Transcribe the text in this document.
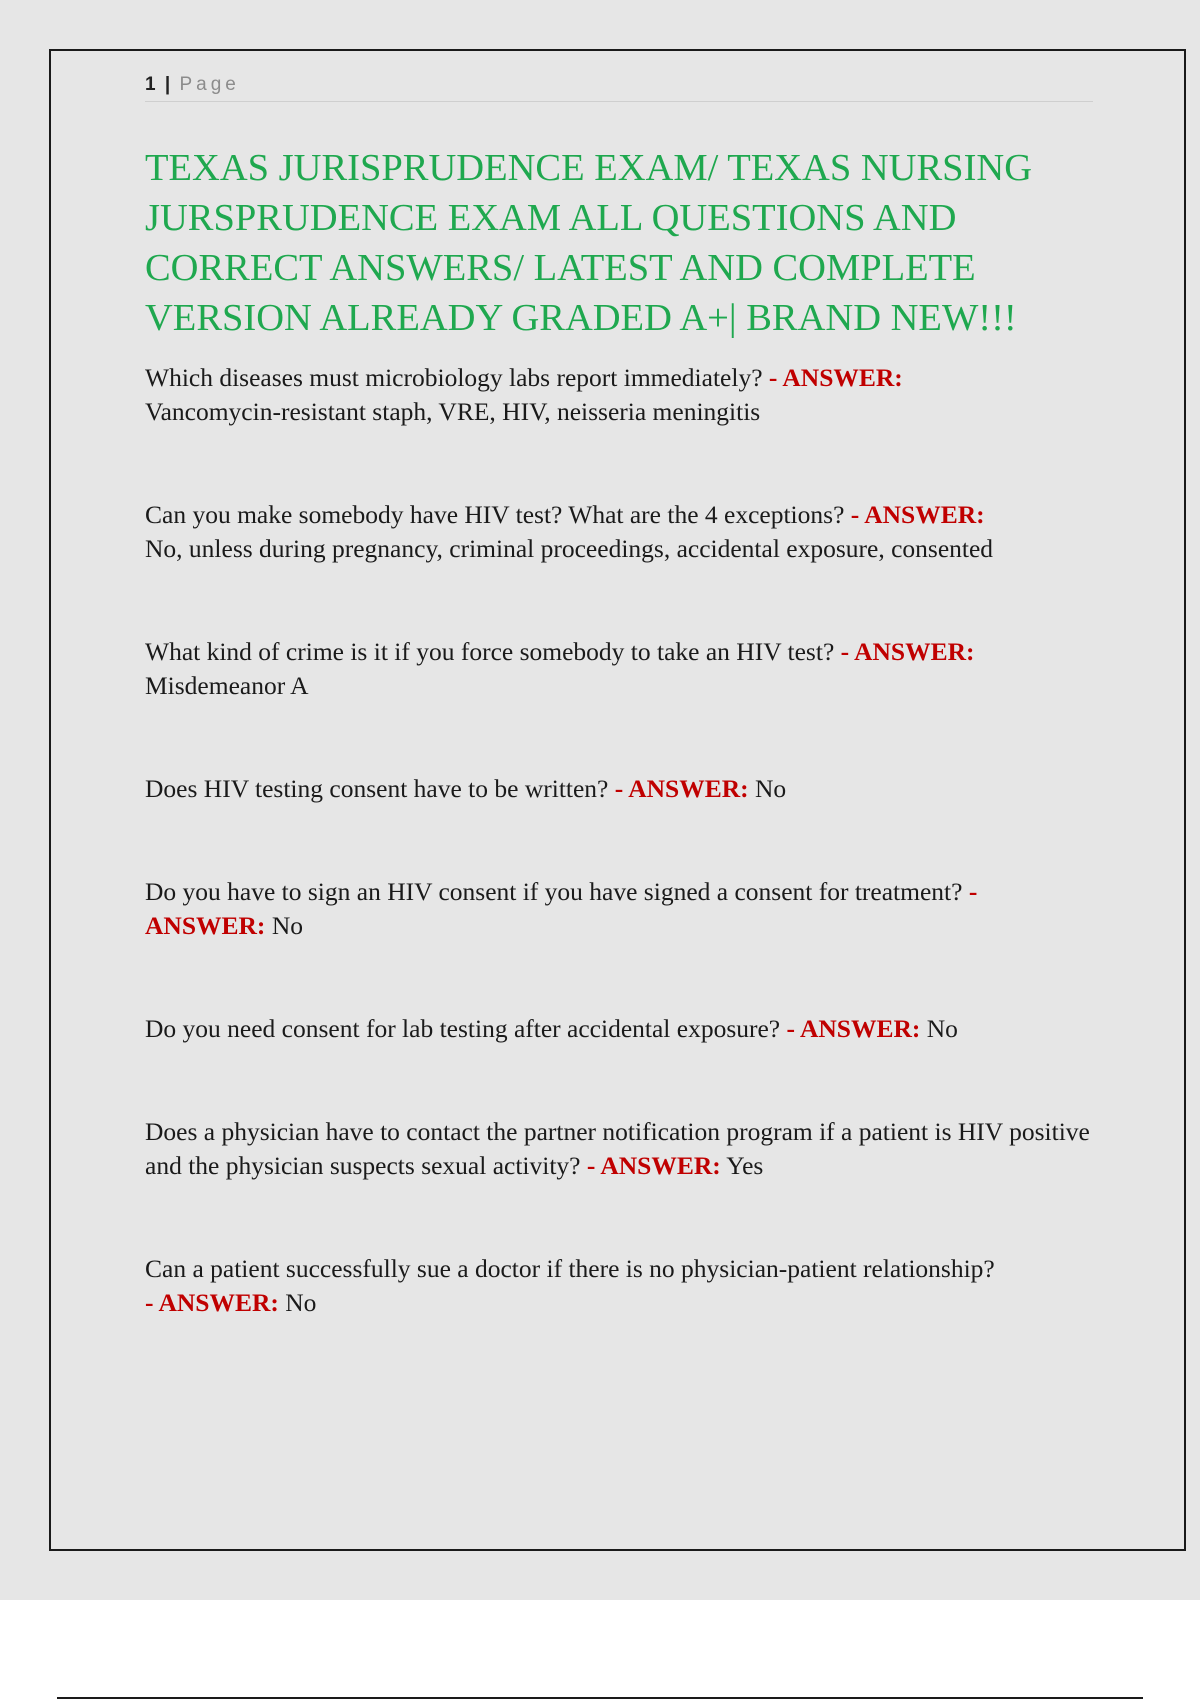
1 | Page
TEXAS JURISPRUDENCE EXAM/ TEXAS NURSING JURSPRUDENCE EXAM ALL QUESTIONS AND CORRECT ANSWERS/ LATEST AND COMPLETE VERSION ALREADY GRADED A+| BRAND NEW!!!

Which diseases must microbiology labs report immediately? - ANSWER:
Vancomycin-resistant staph, VRE, HIV, neisseria meningitis

Can you make somebody have HIV test? What are the 4 exceptions? - ANSWER:
No, unless during pregnancy, criminal proceedings, accidental exposure, consented

What kind of crime is it if you force somebody to take an HIV test? - ANSWER:
Misdemeanor A

Does HIV testing consent have to be written? - ANSWER: No

Do you have to sign an HIV consent if you have signed a consent for treatment? -
ANSWER: No

Do you need consent for lab testing after accidental exposure? - ANSWER: No

Does a physician have to contact the partner notification program if a patient is HIV positive and the physician suspects sexual activity? - ANSWER: Yes

Can a patient successfully sue a doctor if there is no physician-patient relationship?
- ANSWER: No
